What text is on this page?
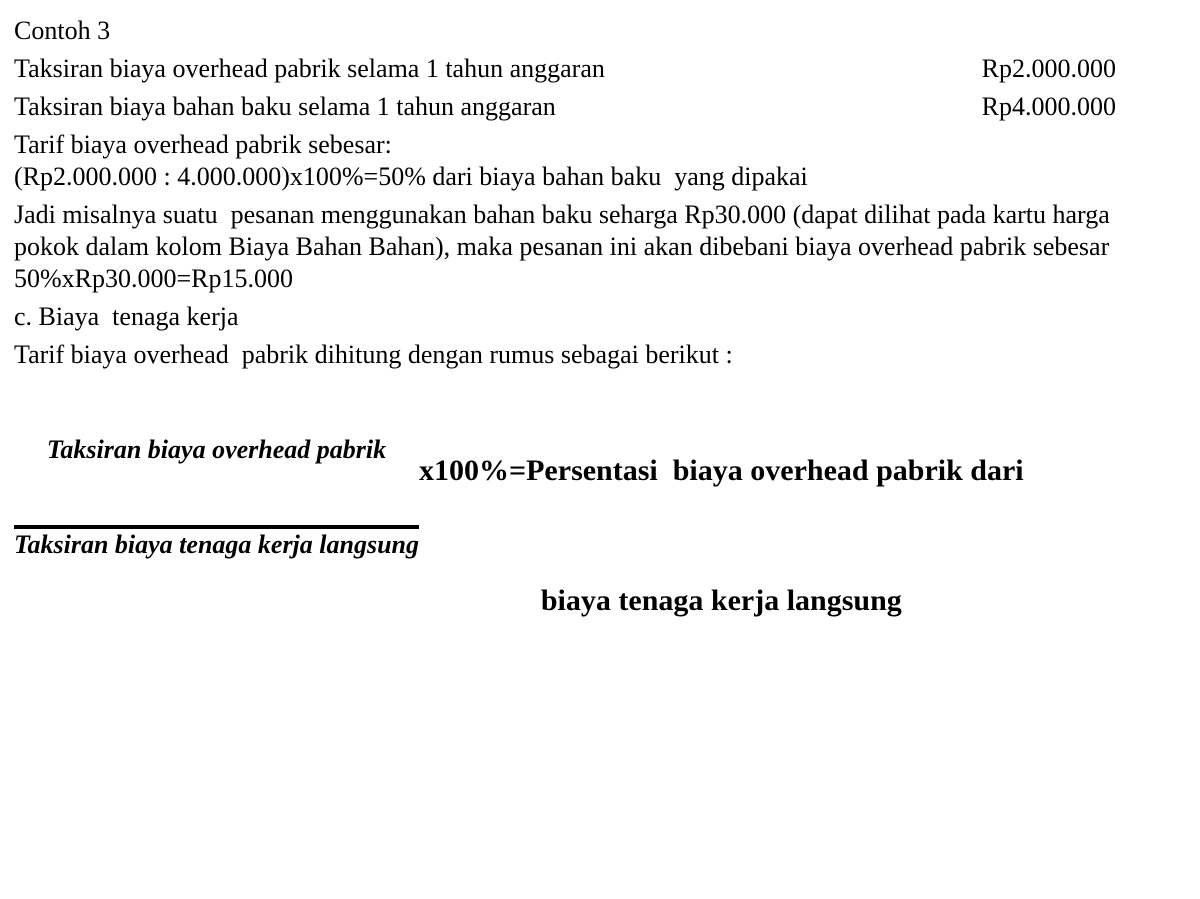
Contoh 3
Taksiran biaya overhead pabrik selama 1 tahun anggaran	Rp2.000.000
Taksiran biaya bahan baku selama 1 tahun anggaran	Rp4.000.000
Tarif biaya overhead pabrik sebesar:
(Rp2.000.000 : 4.000.000)x100%=50% dari biaya bahan baku  yang dipakai
Jadi misalnya suatu  pesanan menggunakan bahan baku seharga Rp30.000 (dapat dilihat pada kartu harga
pokok dalam kolom Biaya Bahan Bahan), maka pesanan ini akan dibebani biaya overhead pabrik sebesar
50%xRp30.000=Rp15.000
c. Biaya  tenaga kerja
Tarif biaya overhead  pabrik dihitung dengan rumus sebagai berikut :

$\frac{\text{Taksiran biaya overhead pabrik}}{\text{Taksiran biaya tenaga kerja langsung}}$

x100%=Persentasi  biaya overhead pabrik dari

biaya tenaga kerja langsung
